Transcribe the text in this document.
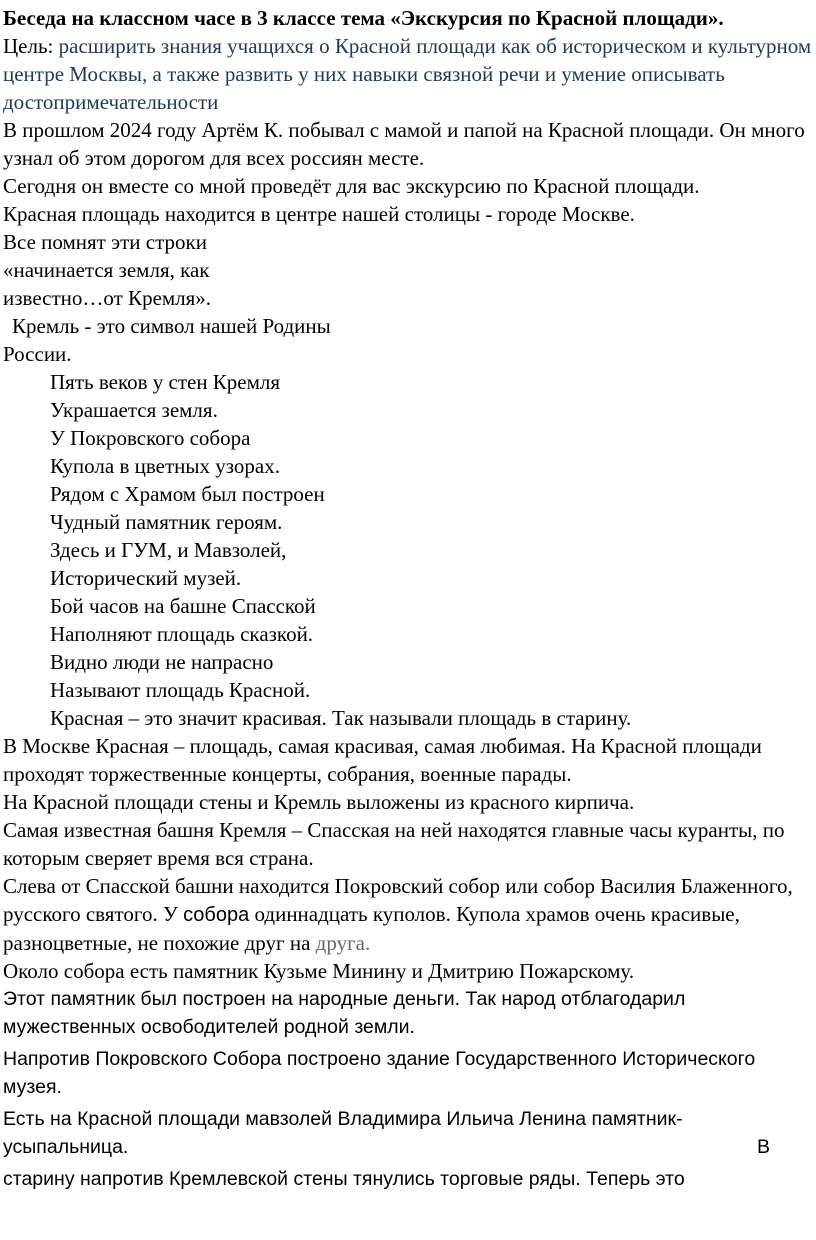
Беседа на классном часе в 3 классе тема «Экскурсия по Красной площади».

Цель: расширить знания учащихся о Красной площади как об историческом и культурном центре Москвы, а также развить у них навыки связной речи и умение описывать достопримечательности

В прошлом 2024 году Артём К. побывал с мамой и папой на Красной площади. Он много узнал об этом дорогом для всех россиян месте.

Сегодня он вместе со мной проведёт для вас экскурсию по Красной площади.

Красная площадь находится в центре нашей столицы - городе Москве.

Все помнят эти строки

«начинается земля, как

известно…от Кремля».

Кремль - это символ нашей Родины

России.

Пять веков у стен Кремля

Украшается земля.

У Покровского собора

Купола в цветных узорах.

Рядом с Храмом был построен

Чудный памятник героям.

Здесь и ГУМ, и Мавзолей,

Исторический музей.

Бой часов на башне Спасской

Наполняют площадь сказкой.

Видно люди не напрасно

Называют площадь Красной.

Красная – это значит красивая. Так называли площадь в старину.

В Москве Красная – площадь, самая красивая, самая любимая. На Красной площади проходят торжественные концерты, собрания, военные парады.

На Красной площади стены и Кремль выложены из красного кирпича.

Самая известная башня Кремля – Спасская на ней находятся главные часы куранты, по которым сверяет время вся страна.

Слева от Спасской башни находится Покровский собор или собор Василия Блаженного, русского святого. У собора одиннадцать куполов. Купола храмов очень красивые, разноцветные, не похожие друг на друга.

Около собора есть памятник Кузьме Минину и Дмитрию Пожарскому.

Этот памятник был построен на народные деньги. Так народ отблагодарил мужественных освободителей родной земли.

Напротив Покровского Собора построено здание Государственного Исторического музея.

Есть на Красной площади мавзолей Владимира Ильича Ленина памятник-

усыпальница.	В

старину напротив Кремлевской стены тянулись торговые ряды. Теперь это
